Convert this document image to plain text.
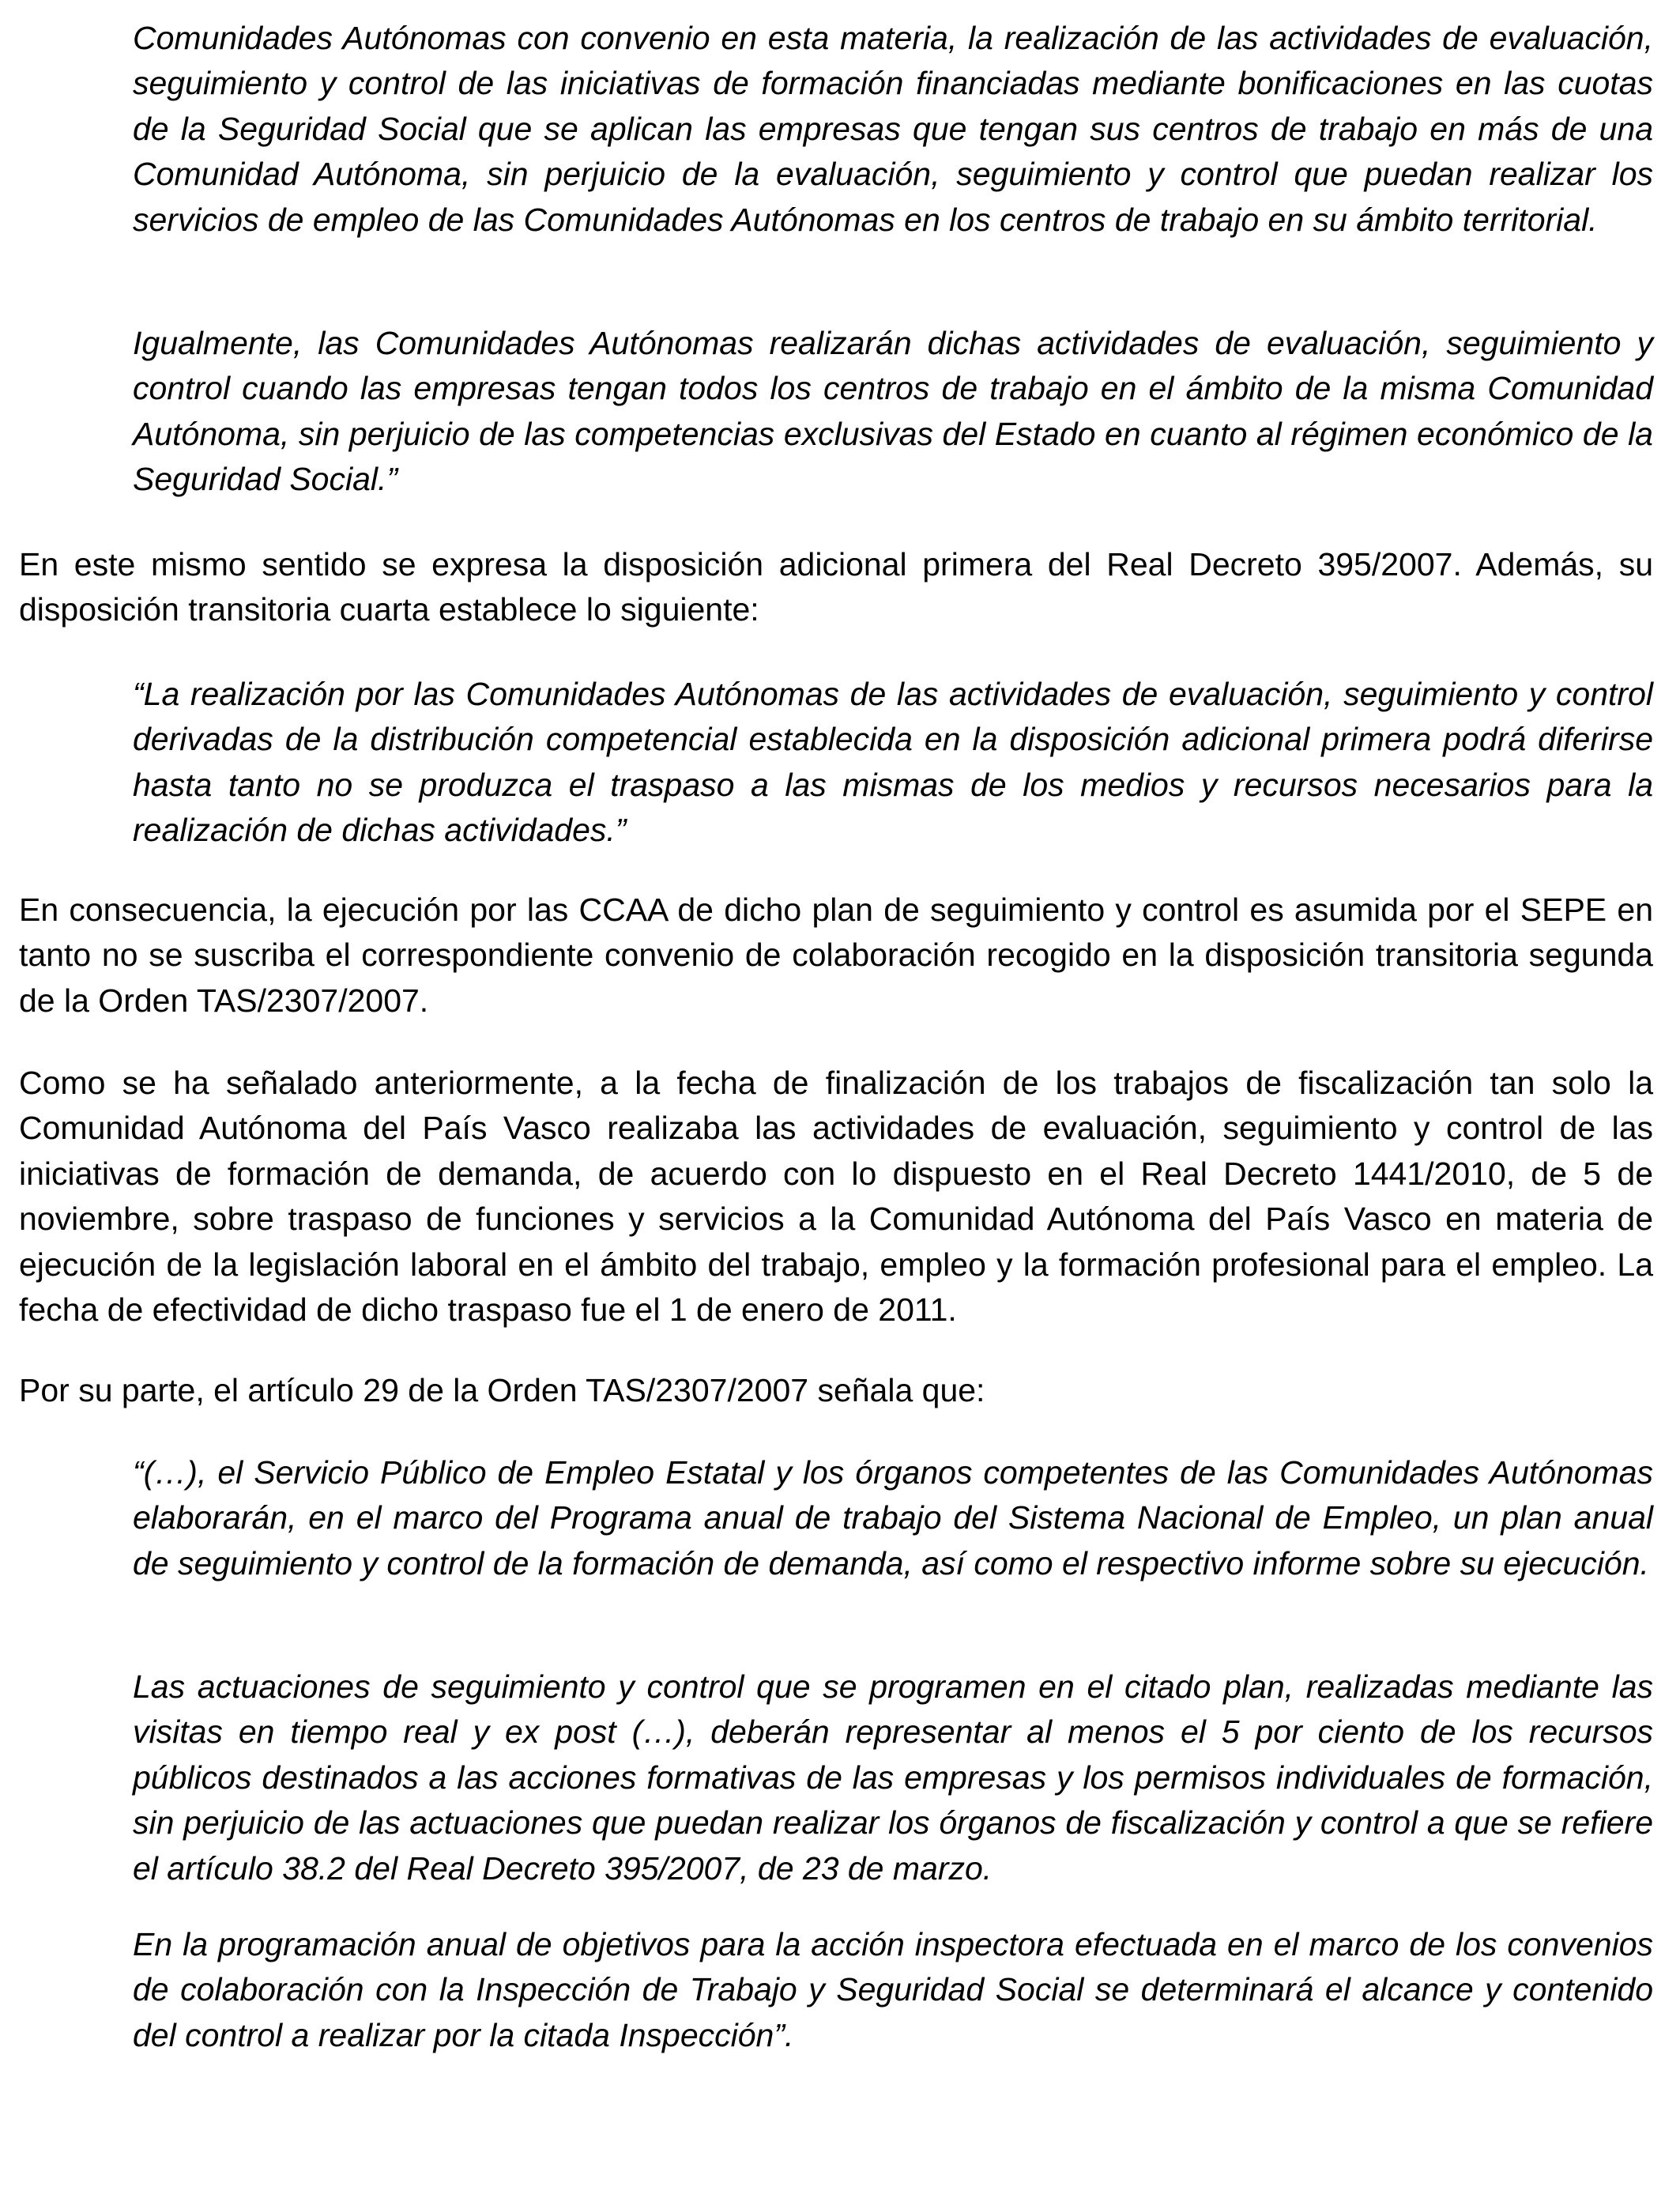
Comunidades Autónomas con convenio en esta materia, la realización de las actividades de evaluación, seguimiento y control de las iniciativas de formación financiadas mediante bonificaciones en las cuotas de la Seguridad Social que se aplican las empresas que tengan sus centros de trabajo en más de una Comunidad Autónoma, sin perjuicio de la evaluación, seguimiento y control que puedan realizar los servicios de empleo de las Comunidades Autónomas en los centros de trabajo en su ámbito territorial.

Igualmente, las Comunidades Autónomas realizarán dichas actividades de evaluación, seguimiento y control cuando las empresas tengan todos los centros de trabajo en el ámbito de la misma Comunidad Autónoma, sin perjuicio de las competencias exclusivas del Estado en cuanto al régimen económico de la Seguridad Social.”

En este mismo sentido se expresa la disposición adicional primera del Real Decreto 395/2007. Además, su disposición transitoria cuarta establece lo siguiente:

“La realización por las Comunidades Autónomas de las actividades de evaluación, seguimiento y control derivadas de la distribución competencial establecida en la disposición adicional primera podrá diferirse hasta tanto no se produzca el traspaso a las mismas de los medios y recursos necesarios para la realización de dichas actividades.”

En consecuencia, la ejecución por las CCAA de dicho plan de seguimiento y control es asumida por el SEPE en tanto no se suscriba el correspondiente convenio de colaboración recogido en la disposición transitoria segunda de la Orden TAS/2307/2007.

Como se ha señalado anteriormente, a la fecha de finalización de los trabajos de fiscalización tan solo la Comunidad Autónoma del País Vasco realizaba las actividades de evaluación, seguimiento y control de las iniciativas de formación de demanda, de acuerdo con lo dispuesto en el Real Decreto 1441/2010, de 5 de noviembre, sobre traspaso de funciones y servicios a la Comunidad Autónoma del País Vasco en materia de ejecución de la legislación laboral en el ámbito del trabajo, empleo y la formación profesional para el empleo. La fecha de efectividad de dicho traspaso fue el 1 de enero de 2011.

Por su parte, el artículo 29 de la Orden TAS/2307/2007 señala que:

“(…), el Servicio Público de Empleo Estatal y los órganos competentes de las Comunidades Autónomas elaborarán, en el marco del Programa anual de trabajo del Sistema Nacional de Empleo, un plan anual de seguimiento y control de la formación de demanda, así como el respectivo informe sobre su ejecución.

Las actuaciones de seguimiento y control que se programen en el citado plan, realizadas mediante las visitas en tiempo real y ex post (…), deberán representar al menos el 5 por ciento de los recursos públicos destinados a las acciones formativas de las empresas y los permisos individuales de formación, sin perjuicio de las actuaciones que puedan realizar los órganos de fiscalización y control a que se refiere el artículo 38.2 del Real Decreto 395/2007, de 23 de marzo.

En la programación anual de objetivos para la acción inspectora efectuada en el marco de los convenios de colaboración con la Inspección de Trabajo y Seguridad Social se determinará el alcance y contenido del control a realizar por la citada Inspección”.
